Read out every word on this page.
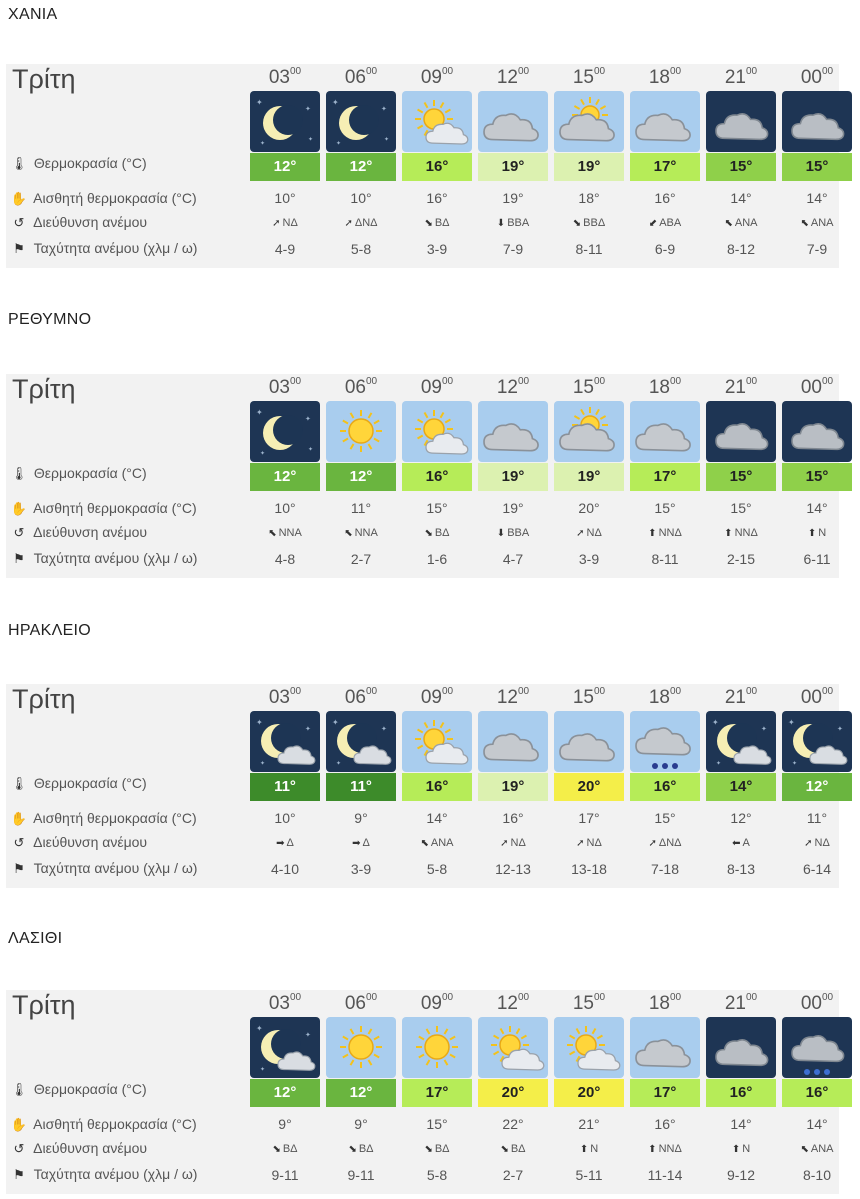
ΧΑΝΙΑ
Τρίτη
🌡 Θερμοκρασία (°C)
✋ Αισθητή θερμοκρασία (°C)
↺ Διεύθυνση ανέμου
⚑ Ταχύτητα ανέμου (χλμ / ω)
$03^{00}$
✦
✦
✦
✦
12°
10°
➚ ΝΔ
4-9
$06^{00}$
✦
✦
✦
✦
12°
10°
➚ ΔΝΔ
5-8
$09^{00}$
16°
16°
⬊ ΒΔ
3-9
$12^{00}$
19°
19°
⬇ ΒΒΑ
7-9
$15^{00}$
19°
18°
⬊ ΒΒΔ
8-11
$18^{00}$
17°
16°
⬋ ΑΒΑ
6-9
$21^{00}$
15°
14°
⬉ ΑΝΑ
8-12
$00^{00}$
15°
14°
⬉ ΑΝΑ
7-9
ΡΕΘΥΜΝΟ
Τρίτη
🌡 Θερμοκρασία (°C)
✋ Αισθητή θερμοκρασία (°C)
↺ Διεύθυνση ανέμου
⚑ Ταχύτητα ανέμου (χλμ / ω)
$03^{00}$
✦
✦
✦
✦
12°
10°
⬉ ΝΝΑ
4-8
$06^{00}$
12°
11°
⬉ ΝΝΑ
2-7
$09^{00}$
16°
15°
⬊ ΒΔ
1-6
$12^{00}$
19°
19°
⬇ ΒΒΑ
4-7
$15^{00}$
19°
20°
➚ ΝΔ
3-9
$18^{00}$
17°
15°
⬆ ΝΝΔ
8-11
$21^{00}$
15°
15°
⬆ ΝΝΔ
2-15
$00^{00}$
15°
14°
⬆ Ν
6-11
ΗΡΑΚΛΕΙΟ
Τρίτη
🌡 Θερμοκρασία (°C)
✋ Αισθητή θερμοκρασία (°C)
↺ Διεύθυνση ανέμου
⚑ Ταχύτητα ανέμου (χλμ / ω)
$03^{00}$
✦
✦
✦
11°
10°
➡ Δ
4-10
$06^{00}$
✦
✦
✦
11°
9°
➡ Δ
3-9
$09^{00}$
16°
14°
⬉ ΑΝΑ
5-8
$12^{00}$
19°
16°
➚ ΝΔ
12-13
$15^{00}$
20°
17°
➚ ΝΔ
13-18
$18^{00}$
16°
15°
➚ ΔΝΔ
7-18
$21^{00}$
✦
✦
✦
14°
12°
⬅ Α
8-13
$00^{00}$
✦
✦
✦
12°
11°
➚ ΝΔ
6-14
ΛΑΣΙΘΙ
Τρίτη
🌡 Θερμοκρασία (°C)
✋ Αισθητή θερμοκρασία (°C)
↺ Διεύθυνση ανέμου
⚑ Ταχύτητα ανέμου (χλμ / ω)
$03^{00}$
✦
✦
✦
12°
9°
⬊ ΒΔ
9-11
$06^{00}$
12°
9°
⬊ ΒΔ
9-11
$09^{00}$
17°
15°
⬊ ΒΔ
5-8
$12^{00}$
20°
22°
⬊ ΒΔ
2-7
$15^{00}$
20°
21°
⬆ Ν
5-11
$18^{00}$
17°
16°
⬆ ΝΝΔ
11-14
$21^{00}$
16°
14°
⬆ Ν
9-12
$00^{00}$
16°
14°
⬉ ΑΝΑ
8-10
